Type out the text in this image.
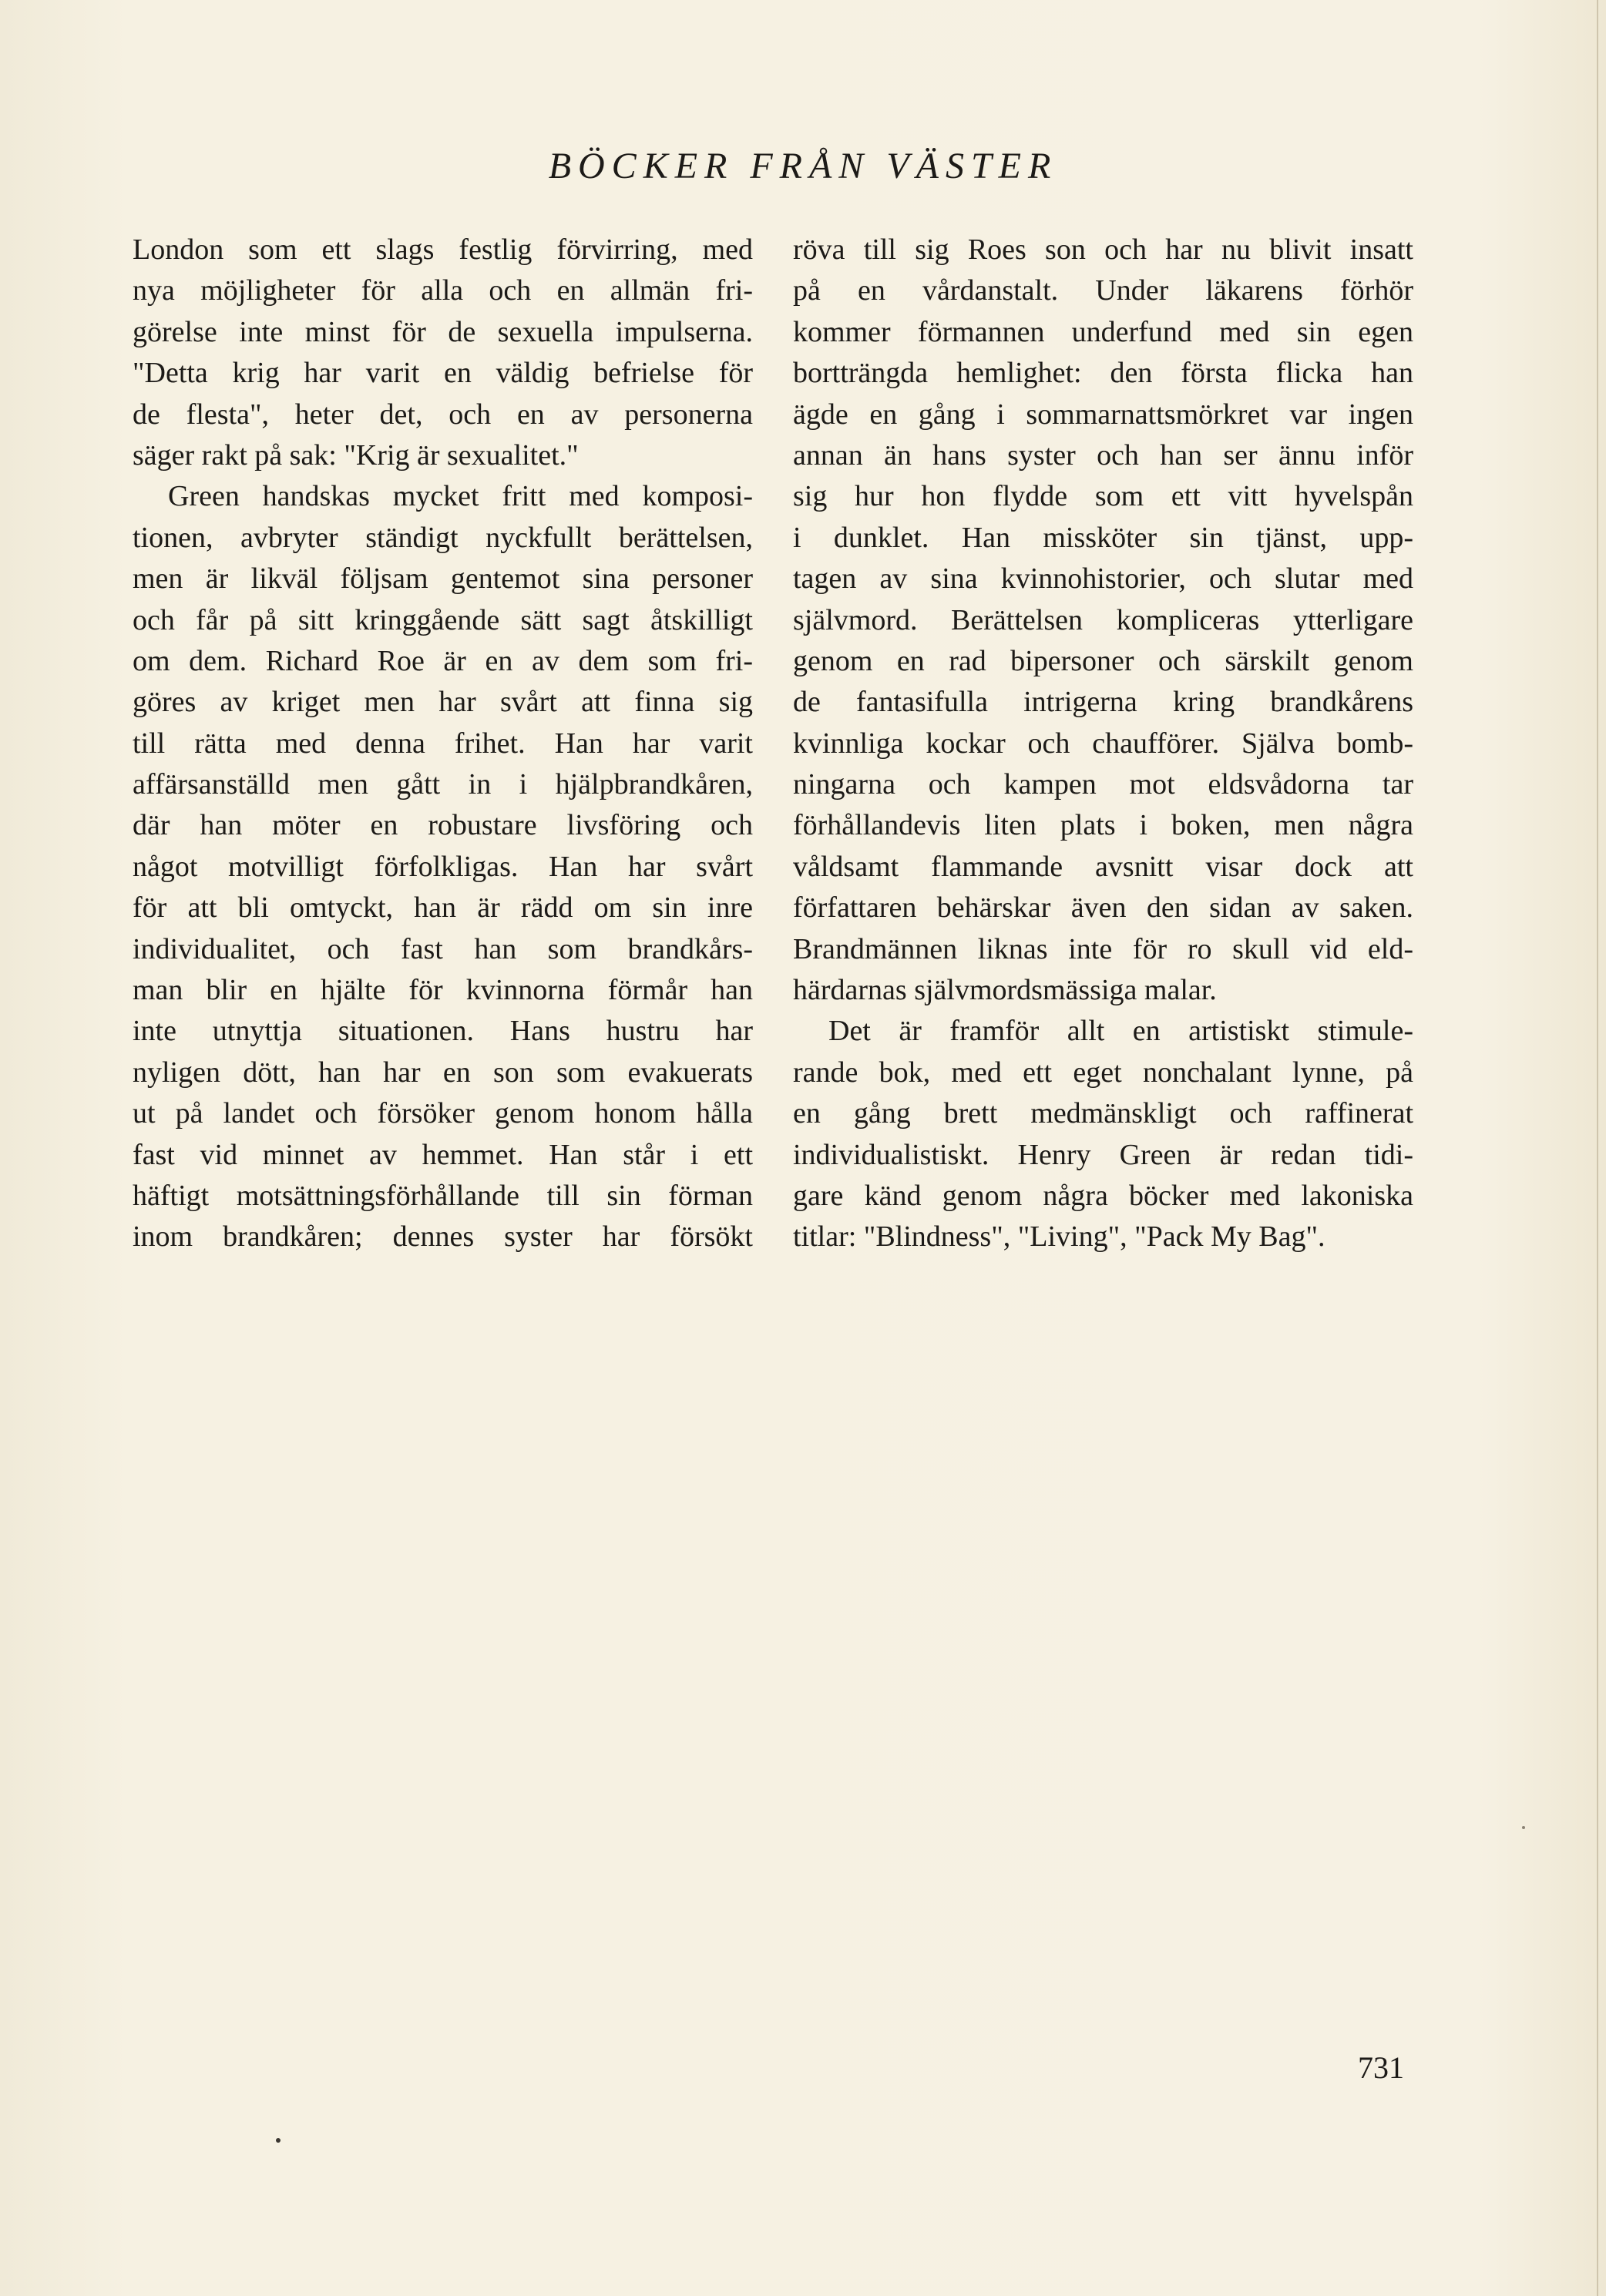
BÖCKER FRÅN VÄSTER
London som ett slags festlig förvirring, med
nya möjligheter för alla och en allmän fri-
görelse inte minst för de sexuella impulserna.
"Detta krig har varit en väldig befrielse för
de flesta", heter det, och en av personerna
säger rakt på sak: "Krig är sexualitet."
Green handskas mycket fritt med komposi-
tionen, avbryter ständigt nyckfullt berättelsen,
men är likväl följsam gentemot sina personer
och får på sitt kringgående sätt sagt åtskilligt
om dem. Richard Roe är en av dem som fri-
göres av kriget men har svårt att finna sig
till rätta med denna frihet. Han har varit
affärsanställd men gått in i hjälpbrandkåren,
där han möter en robustare livsföring och
något motvilligt förfolkligas. Han har svårt
för att bli omtyckt, han är rädd om sin inre
individualitet, och fast han som brandkårs-
man blir en hjälte för kvinnorna förmår han
inte utnyttja situationen. Hans hustru har
nyligen dött, han har en son som evakuerats
ut på landet och försöker genom honom hålla
fast vid minnet av hemmet. Han står i ett
häftigt motsättningsförhållande till sin förman
inom brandkåren; dennes syster har försökt
röva till sig Roes son och har nu blivit insatt
på en vårdanstalt. Under läkarens förhör
kommer förmannen underfund med sin egen
bortträngda hemlighet: den första flicka han
ägde en gång i sommarnattsmörkret var ingen
annan än hans syster och han ser ännu inför
sig hur hon flydde som ett vitt hyvelspån
i dunklet. Han missköter sin tjänst, upp-
tagen av sina kvinnohistorier, och slutar med
självmord. Berättelsen kompliceras ytterligare
genom en rad bipersoner och särskilt genom
de fantasifulla intrigerna kring brandkårens
kvinnliga kockar och chaufförer. Själva bomb-
ningarna och kampen mot eldsvådorna tar
förhållandevis liten plats i boken, men några
våldsamt flammande avsnitt visar dock att
författaren behärskar även den sidan av saken.
Brandmännen liknas inte för ro skull vid eld-
härdarnas självmordsmässiga malar.
Det är framför allt en artistiskt stimule-
rande bok, med ett eget nonchalant lynne, på
en gång brett medmänskligt och raffinerat
individualistiskt. Henry Green är redan tidi-
gare känd genom några böcker med lakoniska
titlar: "Blindness", "Living", "Pack My Bag".
731
